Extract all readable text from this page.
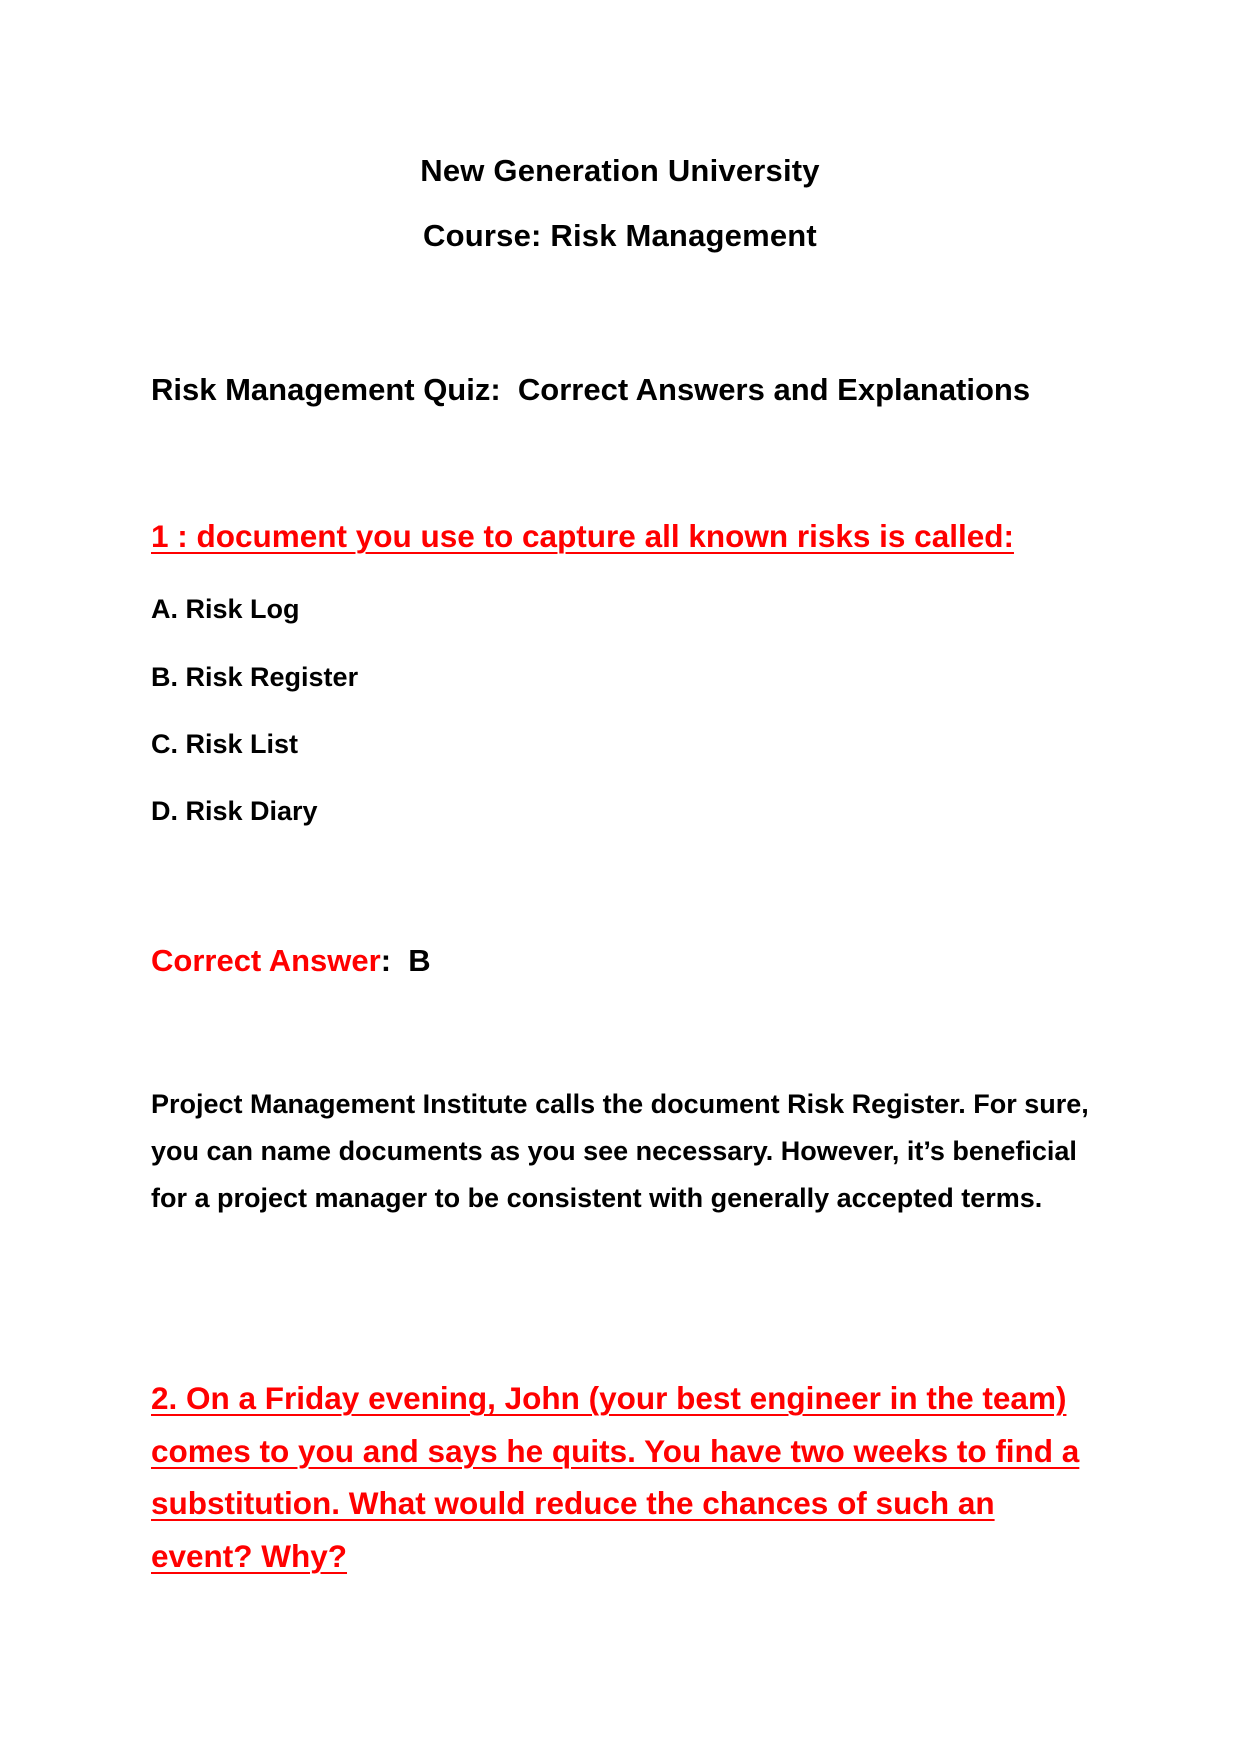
New Generation University
Course: Risk Management
Risk Management Quiz:  Correct Answers and Explanations
1 : document you use to capture all known risks is called:
A. Risk Log
B. Risk Register
C. Risk List
D. Risk Diary
Correct Answer:  B
Project Management Institute calls the document Risk Register. For sure, you can name documents as you see necessary. However, it’s beneficial for a project manager to be consistent with generally accepted terms.
2. On a Friday evening, John (your best engineer in the team) comes to you and says he quits. You have two weeks to find a substitution. What would reduce the chances of such an event? Why?
